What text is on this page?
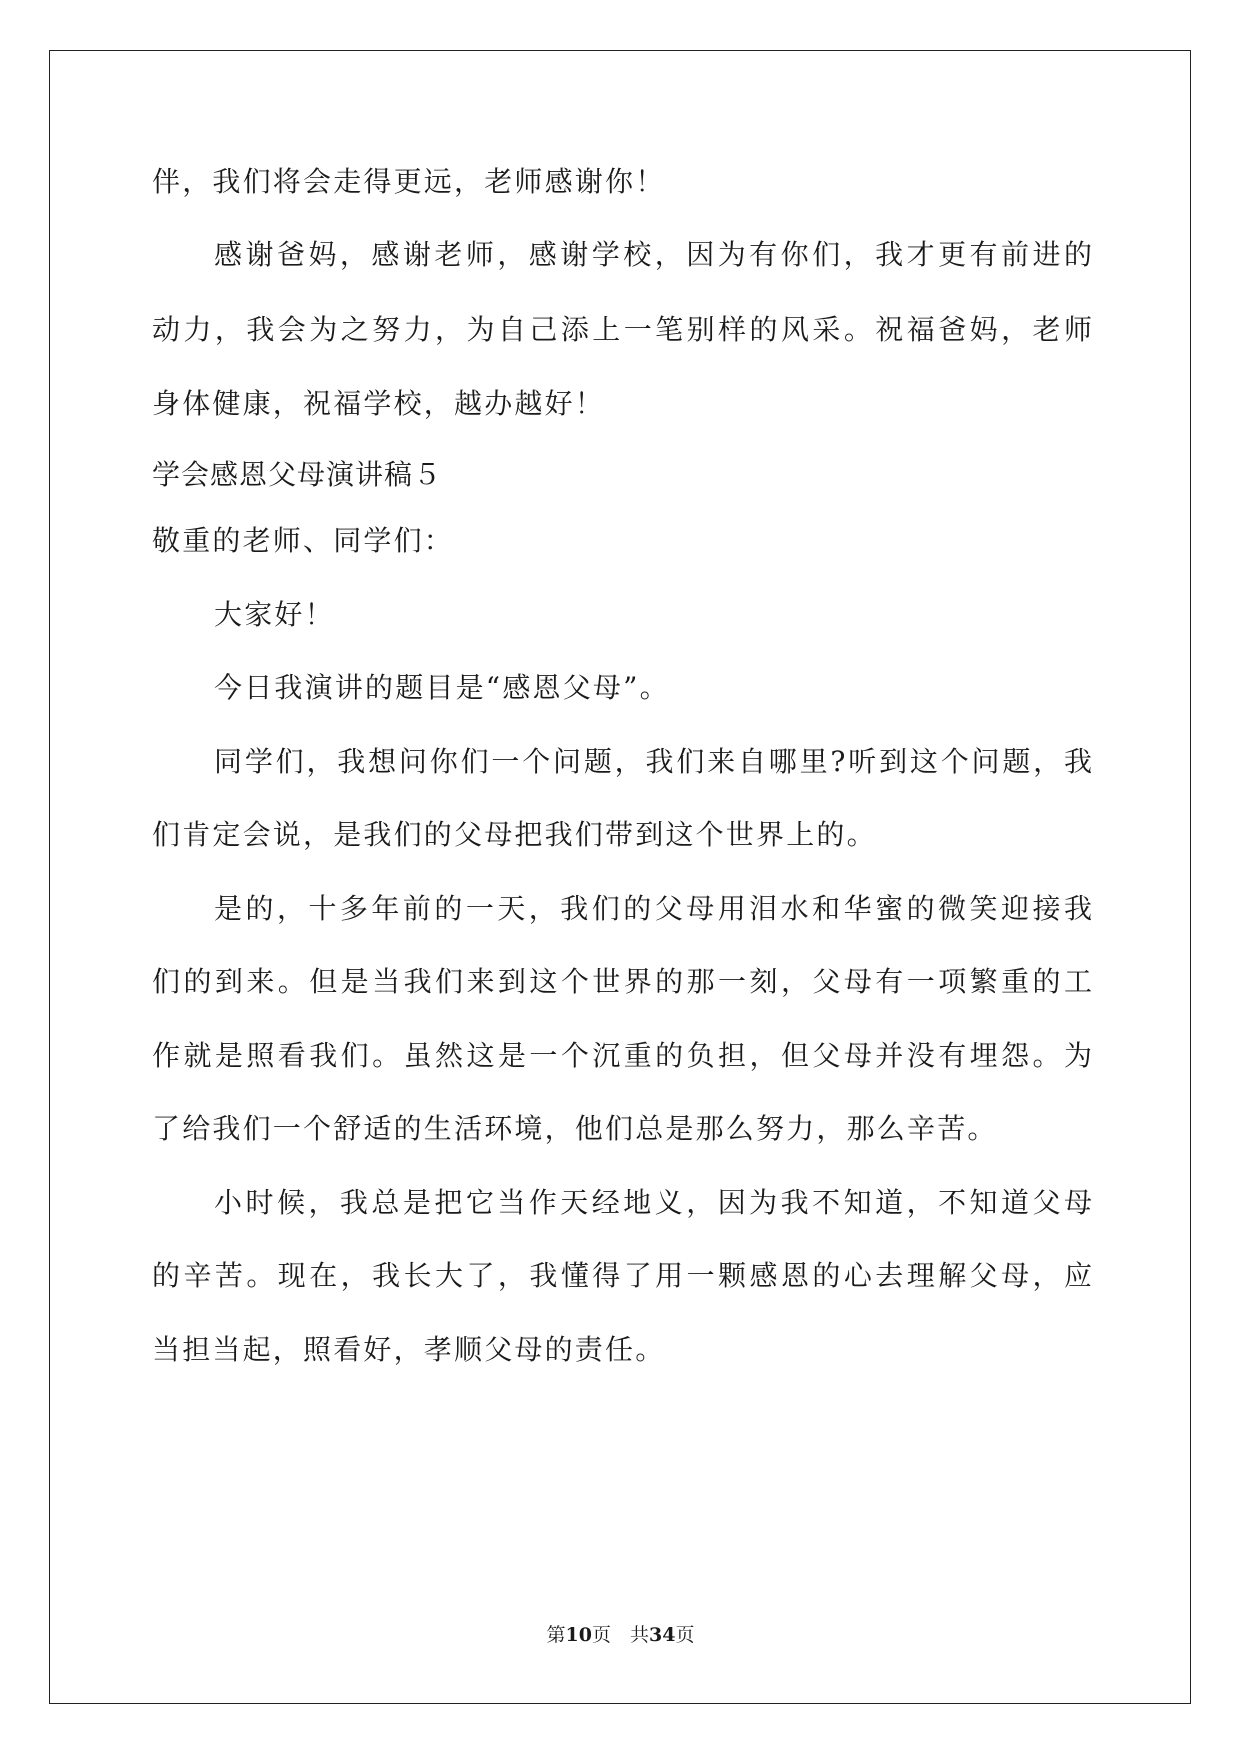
伴，我们将会走得更远，老师感谢你！
感谢爸妈，感谢老师，感谢学校，因为有你们，我才更有前进的
动力，我会为之努力，为自己添上一笔别样的风采。祝福爸妈，老师
身体健康，祝福学校，越办越好！
学会感恩父母演讲稿５
敬重的老师、同学们：
大家好！
今日我演讲的题目是“感恩父母”。
同学们，我想问你们一个问题，我们来自哪里?听到这个问题，我
们肯定会说，是我们的父母把我们带到这个世界上的。
是的，十多年前的一天，我们的父母用泪水和华蜜的微笑迎接我
们的到来。但是当我们来到这个世界的那一刻，父母有一项繁重的工
作就是照看我们。虽然这是一个沉重的负担，但父母并没有埋怨。为
了给我们一个舒适的生活环境，他们总是那么努力，那么辛苦。
小时候，我总是把它当作天经地义，因为我不知道，不知道父母
的辛苦。现在，我长大了，我懂得了用一颗感恩的心去理解父母，应
当担当起，照看好，孝顺父母的责任。
第10页　共34页
